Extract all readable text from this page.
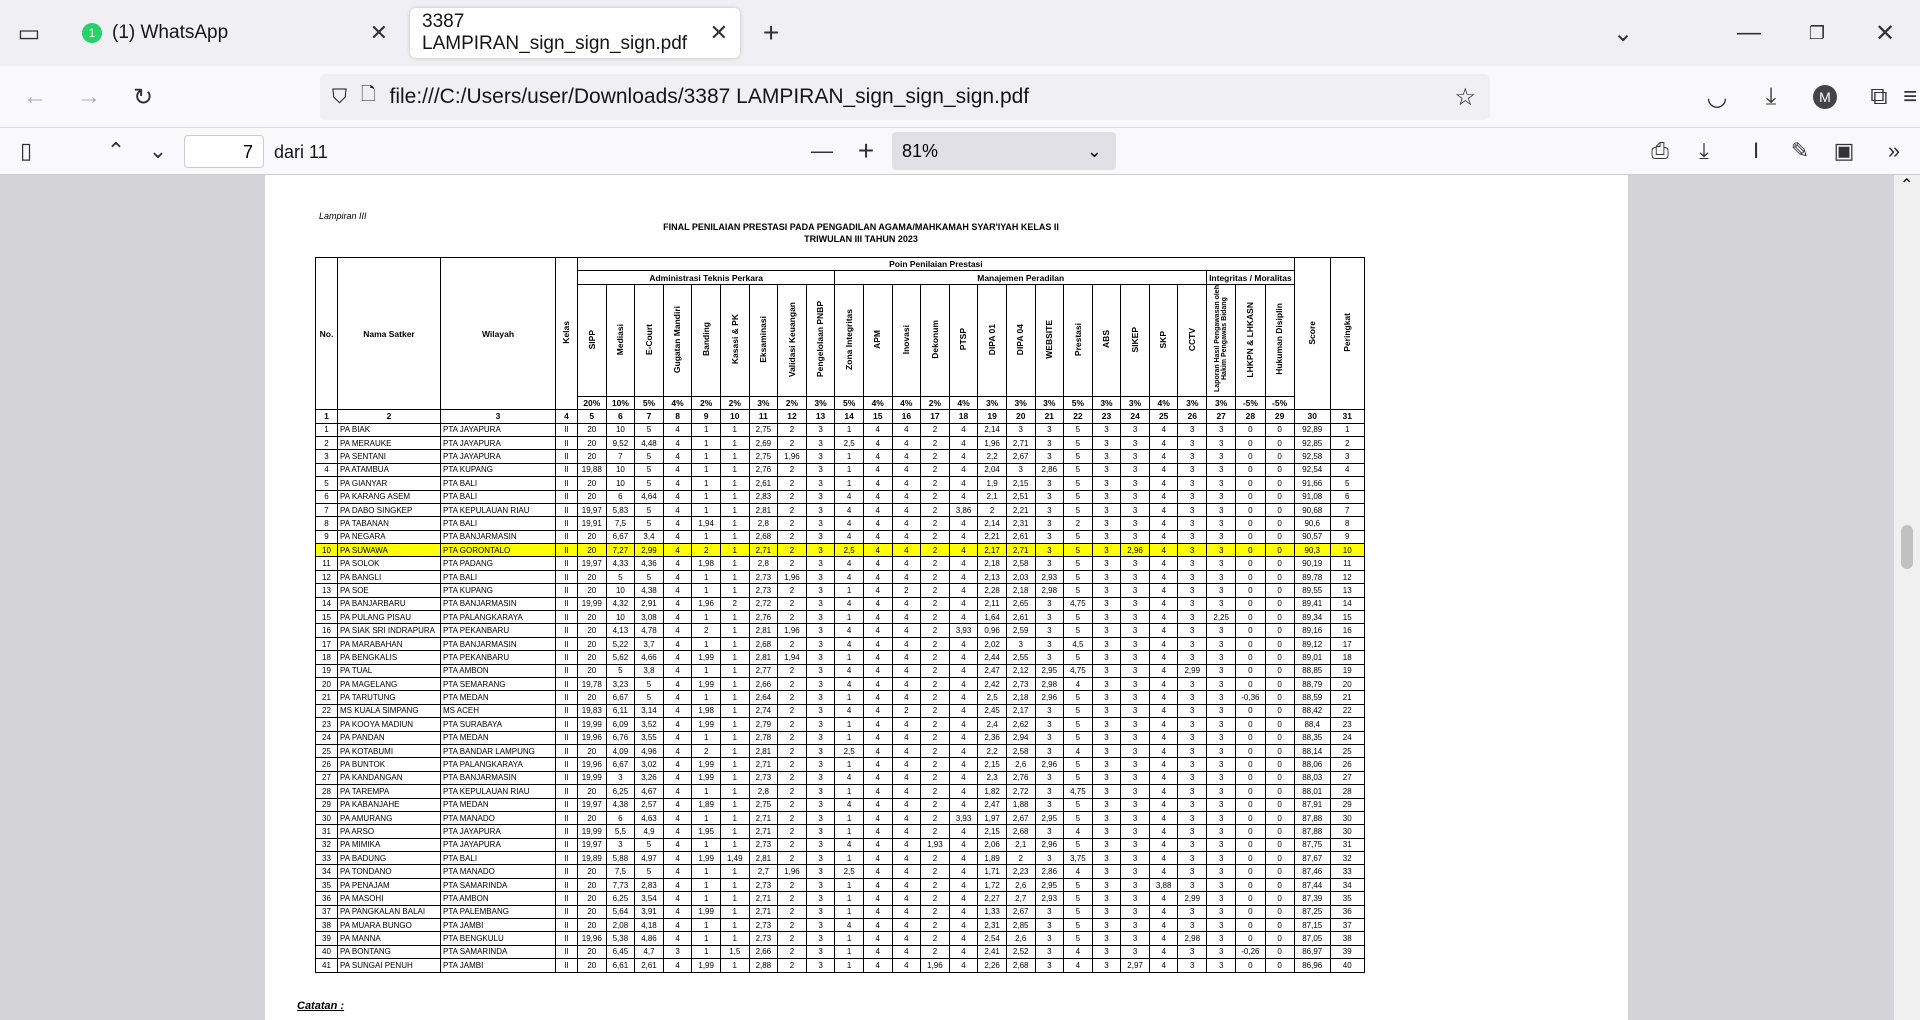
▭	1 (1) WhatsApp	✕ 3387 LAMPIRAN_sign_sign_sign.pdf	✕	+	⌄	—	❐	✕
← →	↻	⛉ 🗋 file:///C:/Users/user/Downloads/3387 LAMPIRAN_sign_sign_sign.pdf	☆	◡	⤓	M	⧉ ≡
▯	⌃	⌄	7	dari 11	— +	81%	⌄	⎙	⤓	I	✎	▣	»
Lampiran III
FINAL PENILAIAN PRESTASI PADA PENGADILAN AGAMA/MAHKAMAH SYAR'IYAH KELAS II
TRIWULAN III TAHUN 2023
No.	Nama Satker	Wilayah	Kelas	Poin Penilaian Prestasi																									Score	Peringkat
				Administrasi Teknis Perkara									Manajemen Peradilan													Integritas / Moralitas				
				SIPP	Mediasi	E-Court	Gugatan Mandiri	Banding	Kasasi & PK	Eksaminasi	Validasi Keuangan	Pengelolaan PNBP	Zona Integritas	APM	Inovasi	Dekonum	PTSP	DIPA 01	DIPA 04	WEBSITE	Prestasi	ABS	SIKEP	SKP	CCTV	Laporan Hasil Pengawasan oleh Hakim Pengawas Bidang	LHKPN & LHKASN	Hukuman Disiplin		
				20%	10%	5%	4%	2%	2%	3%	2%	3%	5%	4%	4%	2%	4%	3%	3%	3%	5%	3%	3%	4%	3%	3%	-5%	-5%		
1	2	3	4	5	6	7	8	9	10	11	12	13	14	15	16	17	18	19	20	21	22	23	24	25	26	27	28	29	30	31
1	PA BIAK	PTA JAYAPURA	II	20	10	5	4	1	1	2,75	2	3	1	4	4	2	4	2,14	3	3	5	3	3	4	3	3	0	0	92,89	1
2	PA MERAUKE	PTA JAYAPURA	II	20	9,52	4,48	4	1	1	2,69	2	3	2,5	4	4	2	4	1,96	2,71	3	5	3	3	4	3	3	0	0	92,85	2
3	PA SENTANI	PTA JAYAPURA	II	20	7	5	4	1	1	2,75	1,96	3	1	4	4	2	4	2,2	2,67	3	5	3	3	4	3	3	0	0	92,58	3
4	PA ATAMBUA	PTA KUPANG	II	19,88	10	5	4	1	1	2,76	2	3	1	4	4	2	4	2,04	3	2,86	5	3	3	4	3	3	0	0	92,54	4
5	PA GIANYAR	PTA BALI	II	20	10	5	4	1	1	2,61	2	3	1	4	4	2	4	1,9	2,15	3	5	3	3	4	3	3	0	0	91,66	5
6	PA KARANG ASEM	PTA BALI	II	20	6	4,64	4	1	1	2,83	2	3	4	4	4	2	4	2,1	2,51	3	5	3	3	4	3	3	0	0	91,08	6
7	PA DABO SINGKEP	PTA KEPULAUAN RIAU	II	19,97	5,83	5	4	1	1	2,81	2	3	4	4	4	2	3,86	2	2,21	3	5	3	3	4	3	3	0	0	90,68	7
8	PA TABANAN	PTA BALI	II	19,91	7,5	5	4	1,94	1	2,8	2	3	4	4	4	2	4	2,14	2,31	3	2	3	3	4	3	3	0	0	90,6	8
9	PA NEGARA	PTA BANJARMASIN	II	20	6,67	3,4	4	1	1	2,68	2	3	4	4	4	2	4	2,21	2,61	3	5	3	3	4	3	3	0	0	90,57	9
10	PA SUWAWA	PTA GORONTALO	II	20	7,27	2,99	4	2	1	2,71	2	3	2,5	4	4	2	4	2,17	2,71	3	5	3	2,96	4	3	3	0	0	90,3	10
11	PA SOLOK	PTA PADANG	II	19,97	4,33	4,36	4	1,98	1	2,8	2	3	4	4	4	2	4	2,18	2,58	3	5	3	3	4	3	3	0	0	90,19	11
12	PA BANGLI	PTA BALI	II	20	5	5	4	1	1	2,73	1,96	3	4	4	4	2	4	2,13	2,03	2,93	5	3	3	4	3	3	0	0	89,78	12
13	PA SOE	PTA KUPANG	II	20	10	4,38	4	1	1	2,73	2	3	1	4	2	2	4	2,28	2,18	2,98	5	3	3	4	3	3	0	0	89,55	13
14	PA BANJARBARU	PTA BANJARMASIN	II	19,99	4,32	2,91	4	1,96	2	2,72	2	3	4	4	4	2	4	2,11	2,65	3	4,75	3	3	4	3	3	0	0	89,41	14
15	PA PULANG PISAU	PTA PALANGKARAYA	II	20	10	3,08	4	1	1	2,76	2	3	1	4	4	2	4	1,64	2,61	3	5	3	3	4	3	2,25	0	0	89,34	15
16	PA SIAK SRI INDRAPURA	PTA PEKANBARU	II	20	4,13	4,78	4	2	1	2,81	1,96	3	4	4	4	2	3,93	0,96	2,59	3	5	3	3	4	3	3	0	0	89,16	16
17	PA MARABAHAN	PTA BANJARMASIN	II	20	5,22	3,7	4	1	1	2,68	2	3	4	4	4	2	4	2,02	3	3	4,5	3	3	4	3	3	0	0	89,12	17
18	PA BENGKALIS	PTA PEKANBARU	II	20	5,62	4,66	4	1,99	1	2,81	1,94	3	1	4	4	2	4	2,44	2,55	3	5	3	3	4	3	3	0	0	89,01	18
19	PA TUAL	PTA AMBON	II	20	5	3,8	4	1	1	2,77	2	3	4	4	4	2	4	2,47	2,12	2,95	4,75	3	3	4	2,99	3	0	0	88,85	19
20	PA MAGELANG	PTA SEMARANG	II	19,78	3,23	5	4	1,99	1	2,66	2	3	4	4	4	2	4	2,42	2,73	2,98	4	3	3	4	3	3	0	0	88,79	20
21	PA TARUTUNG	PTA MEDAN	II	20	6,67	5	4	1	1	2,64	2	3	1	4	4	2	4	2,5	2,18	2,96	5	3	3	4	3	3	-0,36	0	88,59	21
22	MS KUALA SIMPANG	MS ACEH	II	19,83	6,11	3,14	4	1,98	1	2,74	2	3	4	4	2	2	4	2,45	2,17	3	5	3	3	4	3	3	0	0	88,42	22
23	PA KOOYA MADIUN	PTA SURABAYA	II	19,99	6,09	3,52	4	1,99	1	2,79	2	3	1	4	4	2	4	2,4	2,62	3	5	3	3	4	3	3	0	0	88,4	23
24	PA PANDAN	PTA MEDAN	II	19,96	6,76	3,55	4	1	1	2,78	2	3	1	4	4	2	4	2,36	2,94	3	5	3	3	4	3	3	0	0	88,35	24
25	PA KOTABUMI	PTA BANDAR LAMPUNG	II	20	4,09	4,96	4	2	1	2,81	2	3	2,5	4	4	2	4	2,2	2,58	3	4	3	3	4	3	3	0	0	88,14	25
26	PA BUNTOK	PTA PALANGKARAYA	II	19,96	6,67	3,02	4	1,99	1	2,71	2	3	1	4	4	2	4	2,15	2,6	2,96	5	3	3	4	3	3	0	0	88,06	26
27	PA KANDANGAN	PTA BANJARMASIN	II	19,99	3	3,26	4	1,99	1	2,73	2	3	4	4	4	2	4	2,3	2,76	3	5	3	3	4	3	3	0	0	88,03	27
28	PA TAREMPA	PTA KEPULAUAN RIAU	II	20	6,25	4,67	4	1	1	2,8	2	3	1	4	4	2	4	1,82	2,72	3	4,75	3	3	4	3	3	0	0	88,01	28
29	PA KABANJAHE	PTA MEDAN	II	19,97	4,38	2,57	4	1,89	1	2,75	2	3	4	4	4	2	4	2,47	1,88	3	5	3	3	4	3	3	0	0	87,91	29
30	PA AMURANG	PTA MANADO	II	20	6	4,63	4	1	1	2,71	2	3	1	4	4	2	3,93	1,97	2,67	2,95	5	3	3	4	3	3	0	0	87,88	30
31	PA ARSO	PTA JAYAPURA	II	19,99	5,5	4,9	4	1,95	1	2,71	2	3	1	4	4	2	4	2,15	2,68	3	4	3	3	4	3	3	0	0	87,88	30
32	PA MIMIKA	PTA JAYAPURA	II	19,97	3	5	4	1	1	2,73	2	3	4	4	4	1,93	4	2,06	2,1	2,96	5	3	3	4	3	3	0	0	87,75	31
33	PA BADUNG	PTA BALI	II	19,89	5,88	4,97	4	1,99	1,49	2,81	2	3	1	4	4	2	4	1,89	2	3	3,75	3	3	4	3	3	0	0	87,67	32
34	PA TONDANO	PTA MANADO	II	20	7,5	5	4	1	1	2,7	1,96	3	2,5	4	4	2	4	1,71	2,23	2,86	4	3	3	4	3	3	0	0	87,46	33
35	PA PENAJAM	PTA SAMARINDA	II	20	7,73	2,83	4	1	1	2,73	2	3	1	4	4	2	4	1,72	2,6	2,95	5	3	3	3,88	3	3	0	0	87,44	34
36	PA MASOHI	PTA AMBON	II	20	6,25	3,54	4	1	1	2,71	2	3	1	4	4	2	4	2,27	2,7	2,93	5	3	3	4	2,99	3	0	0	87,39	35
37	PA PANGKALAN BALAI	PTA PALEMBANG	II	20	5,64	3,91	4	1,99	1	2,71	2	3	1	4	4	2	4	1,33	2,67	3	5	3	3	4	3	3	0	0	87,25	36
38	PA MUARA BUNGO	PTA JAMBI	II	20	2,08	4,18	4	1	1	2,73	2	3	4	4	4	2	4	2,31	2,85	3	5	3	3	4	3	3	0	0	87,15	37
39	PA MANNA	PTA BENGKULU	II	19,96	5,38	4,86	4	1	1	2,73	2	3	1	4	4	2	4	2,54	2,6	3	5	3	3	4	2,98	3	0	0	87,05	38
40	PA BONTANG	PTA SAMARINDA	II	20	6,45	4,7	3	1	1,5	2,66	2	3	1	4	4	2	4	2,41	2,52	3	4	3	3	4	3	3	-0,26	0	86,97	39
41	PA SUNGAI PENUH	PTA JAMBI	II	20	6,61	2,61	4	1,99	1	2,88	2	3	1	4	4	1,96	4	2,26	2,68	3	4	3	2,97	4	3	3	0	0	86,96	40
Catatan :
⌃
